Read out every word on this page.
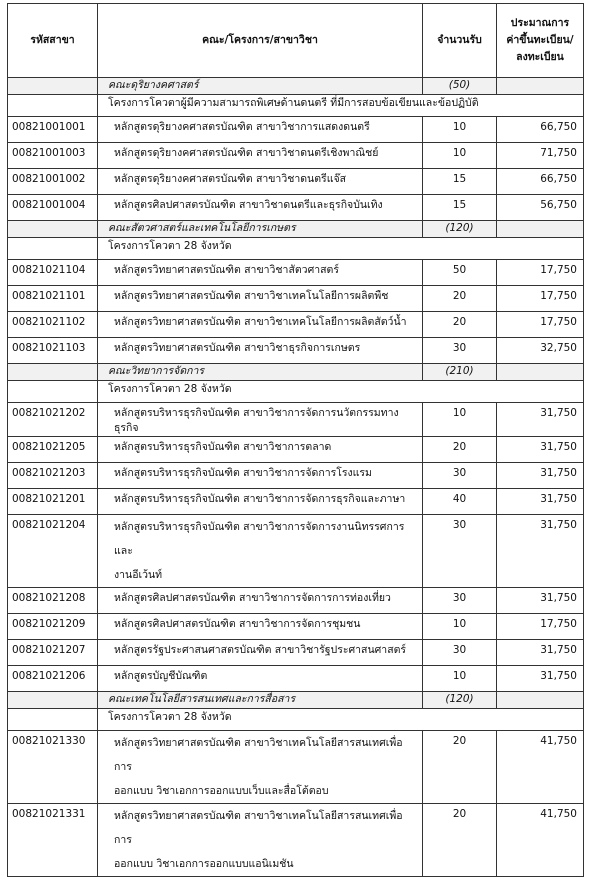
รหัสสาขา	คณะ/โครงการ/สาขาวิชา	จำนวนรับ	ประมาณการ
ค่าขึ้นทะเบียน/
ลงทะเบียน
	คณะดุริยางคศาสตร์	(50)	
	โครงการโควตาผู้มีความสามารถพิเศษด้านดนตรี ที่มีการสอบข้อเขียนและข้อปฏิบัติ		
00821001001	หลักสูตรดุริยางคศาสตรบัณฑิต สาขาวิชาการแสดงดนตรี	10	66,750
00821001003	หลักสูตรดุริยางคศาสตรบัณฑิต สาขาวิชาดนตรีเชิงพาณิชย์	10	71,750
00821001002	หลักสูตรดุริยางคศาสตรบัณฑิต สาขาวิชาดนตรีแจ๊ส	15	66,750
00821001004	หลักสูตรศิลปศาสตรบัณฑิต สาขาวิชาดนตรีและธุรกิจบันเทิง	15	56,750
	คณะสัตวศาสตร์และเทคโนโลยีการเกษตร	(120)	
	โครงการโควตา 28 จังหวัด		
00821021104	หลักสูตรวิทยาศาสตรบัณฑิต สาขาวิชาสัตวศาสตร์	50	17,750
00821021101	หลักสูตรวิทยาศาสตรบัณฑิต สาขาวิชาเทคโนโลยีการผลิตพืช	20	17,750
00821021102	หลักสูตรวิทยาศาสตรบัณฑิต สาขาวิชาเทคโนโลยีการผลิตสัตว์น้ำ	20	17,750
00821021103	หลักสูตรวิทยาศาสตรบัณฑิต สาขาวิชาธุรกิจการเกษตร	30	32,750
	คณะวิทยาการจัดการ	(210)	
	โครงการโควตา 28 จังหวัด		
00821021202	หลักสูตรบริหารธุรกิจบัณฑิต สาขาวิชาการจัดการนวัตกรรมทางธุรกิจ	10	31,750
00821021205	หลักสูตรบริหารธุรกิจบัณฑิต สาขาวิชาการตลาด	20	31,750
00821021203	หลักสูตรบริหารธุรกิจบัณฑิต สาขาวิชาการจัดการโรงแรม	30	31,750
00821021201	หลักสูตรบริหารธุรกิจบัณฑิต สาขาวิชาการจัดการธุรกิจและภาษา	40	31,750
00821021204	หลักสูตรบริหารธุรกิจบัณฑิต สาขาวิชาการจัดการงานนิทรรศการและ
งานอีเว้นท์	30	31,750
00821021208	หลักสูตรศิลปศาสตรบัณฑิต สาขาวิชาการจัดการการท่องเที่ยว	30	31,750
00821021209	หลักสูตรศิลปศาสตรบัณฑิต สาขาวิชาการจัดการชุมชน	10	17,750
00821021207	หลักสูตรรัฐประศาสนศาสตรบัณฑิต สาขาวิชารัฐประศาสนศาสตร์	30	31,750
00821021206	หลักสูตรบัญชีบัณฑิต	10	31,750
	คณะเทคโนโลยีสารสนเทศและการสื่อสาร	(120)	
	โครงการโควตา 28 จังหวัด		
00821021330	หลักสูตรวิทยาศาสตรบัณฑิต สาขาวิชาเทคโนโลยีสารสนเทศเพื่อการ
ออกแบบ วิชาเอกการออกแบบเว็บและสื่อโต้ตอบ	20	41,750
00821021331	หลักสูตรวิทยาศาสตรบัณฑิต สาขาวิชาเทคโนโลยีสารสนเทศเพื่อการ
ออกแบบ วิชาเอกการออกแบบแอนิเมชัน	20	41,750
